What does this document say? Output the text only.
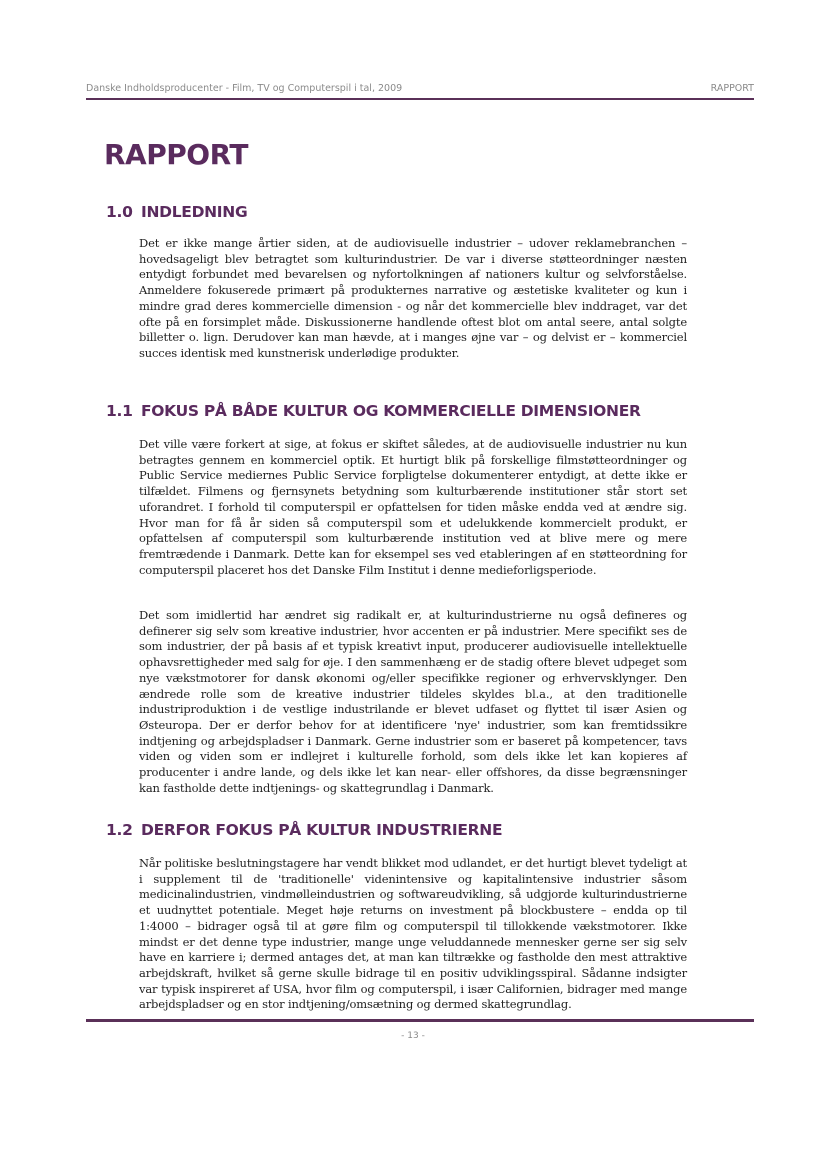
Danske Indholdsproducenter - Film, TV og Computerspil i tal, 2009	RAPPORT
RAPPORT
1.0 INDLEDNING

Det er ikke mange årtier siden, at de audiovisuelle industrier – udover reklamebranchen – hovedsageligt blev betragtet som kulturindustrier. De var i diverse støtteordninger næsten entydigt forbundet med bevarelsen og nyfortolkningen af nationers kultur og selvforståelse. Anmeldere fokuserede primært på produkternes narrative og æstetiske kvaliteter og kun i mindre grad deres kommercielle dimension - og når det kommercielle blev inddraget, var det ofte på en forsimplet måde. Diskussionerne handlende oftest blot om antal seere, antal solgte billetter o. lign. Derudover kan man hævde, at i manges øjne var – og delvist er – kommerciel succes identisk med kunstnerisk underlødige produkter.

1.1 FOKUS PÅ BÅDE KULTUR OG KOMMERCIELLE DIMENSIONER

Det ville være forkert at sige, at fokus er skiftet således, at de audiovisuelle industrier nu kun betragtes gennem en kommerciel optik. Et hurtigt blik på forskellige filmstøtteordninger og Public Service mediernes Public Service forpligtelse dokumenterer entydigt, at dette ikke er tilfældet. Filmens og fjernsynets betydning som kulturbærende institutioner står stort set uforandret. I forhold til computerspil er opfattelsen for tiden måske endda ved at ændre sig. Hvor man for få år siden så computerspil som et udelukkende kommercielt produkt, er opfattelsen af computerspil som kulturbærende institution ved at blive mere og mere fremtrædende i Danmark. Dette kan for eksempel ses ved etableringen af en støtteordning for computerspil placeret hos det Danske Film Institut i denne medieforligsperiode.

Det som imidlertid har ændret sig radikalt er, at kulturindustrierne nu også defineres og definerer sig selv som kreative industrier, hvor accenten er på industrier. Mere specifikt ses de som industrier, der på basis af et typisk kreativt input, producerer audiovisuelle intellektuelle ophavsrettigheder med salg for øje. I den sammenhæng er de stadig oftere blevet udpeget som nye vækstmotorer for dansk økonomi og/eller specifikke regioner og erhvervsklynger. Den ændrede rolle som de kreative industrier tildeles skyldes bl.a., at den traditionelle industriproduktion i de vestlige industrilande er blevet udfaset og flyttet til især Asien og Østeuropa. Der er derfor behov for at identificere 'nye' industrier, som kan fremtidssikre indtjening og arbejdspladser i Danmark. Gerne industrier som er baseret på kompetencer, tavs viden og viden som er indlejret i kulturelle forhold, som dels ikke let kan kopieres af producenter i andre lande, og dels ikke let kan near- eller offshores, da disse begrænsninger kan fastholde dette indtjenings- og skattegrundlag i Danmark.

1.2 DERFOR FOKUS PÅ KULTUR INDUSTRIERNE

Når politiske beslutningstagere har vendt blikket mod udlandet, er det hurtigt blevet tydeligt at i supplement til de 'traditionelle' videnintensive og kapitalintensive industrier såsom medicinalindustrien, vindmølleindustrien og softwareudvikling, så udgjorde kulturindustrierne et uudnyttet potentiale. Meget høje returns on investment på blockbustere – endda op til 1:4000 – bidrager også til at gøre film og computerspil til tillokkende vækstmotorer. Ikke mindst er det denne type industrier, mange unge veluddannede mennesker gerne ser sig selv have en karriere i; dermed antages det, at man kan tiltrække og fastholde den mest attraktive arbejdskraft, hvilket så gerne skulle bidrage til en positiv udviklingsspiral. Sådanne indsigter var typisk inspireret af USA, hvor film og computerspil, i især Californien, bidrager med mange arbejdspladser og en stor indtjening/omsætning og dermed skattegrundlag.

- 13 -
